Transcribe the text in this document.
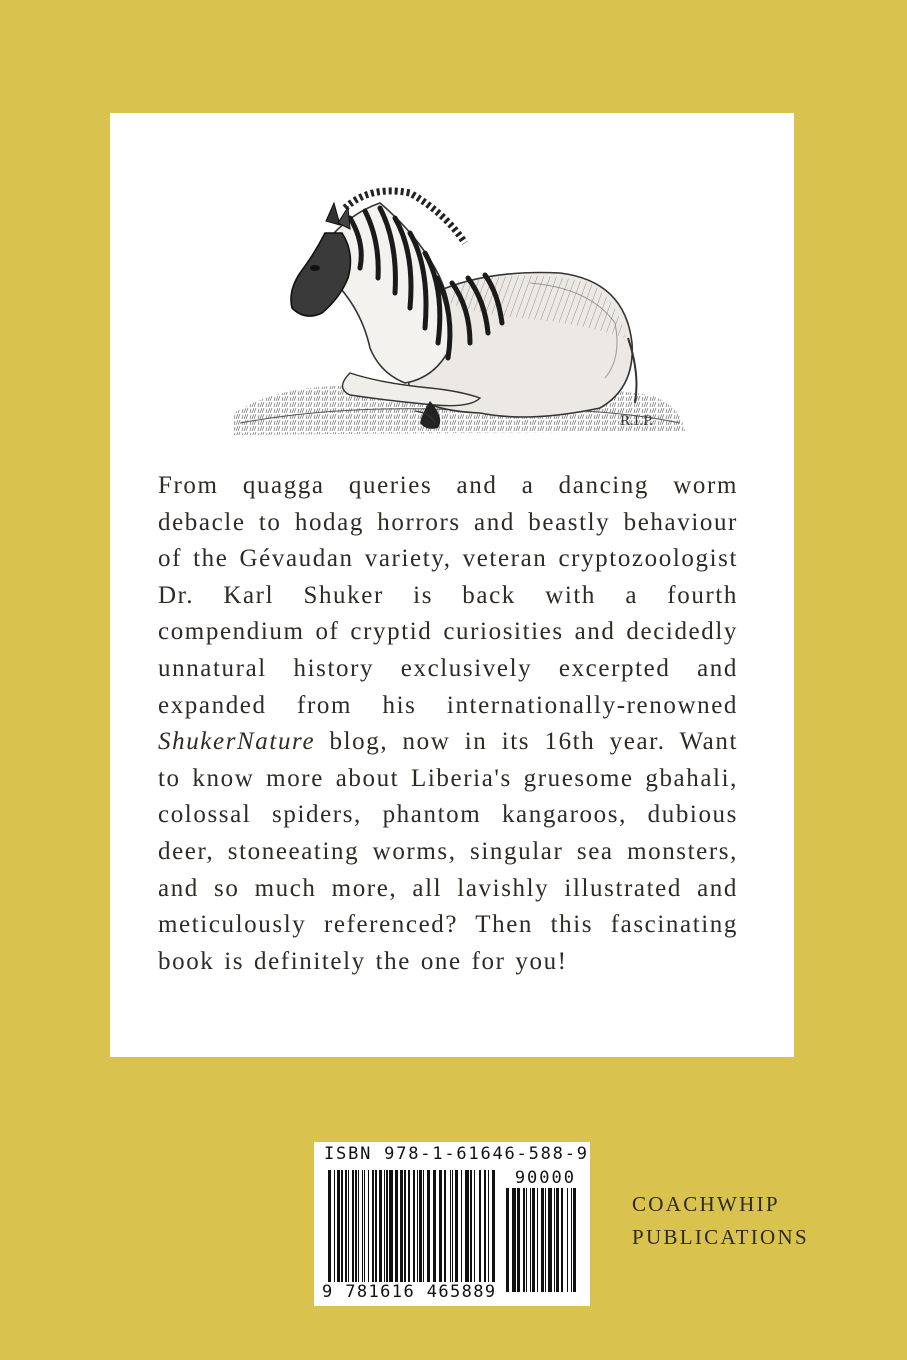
R.I.P.

From quagga queries and a dancing worm debacle to hodag horrors and beastly behaviour of the Gévaudan variety, veteran cryptozoologist Dr. Karl Shuker is back with a fourth compendium of cryptid curiosities and decidedly unnatural history exclusively excerpted and expanded from his internationally-renowned ShukerNature blog, now in its 16th year. Want to know more about Liberia's gruesome gbahali, colossal spiders, phantom kangaroos, dubious deer, stoneeating worms, singular sea monsters, and so much more, all lavishly illustrated and meticulously referenced? Then this fascinating book is definitely the one for you!

ISBN 978-1-61646-588-9
90000
9 781616 465889
COACHWHIP
PUBLICATIONS
